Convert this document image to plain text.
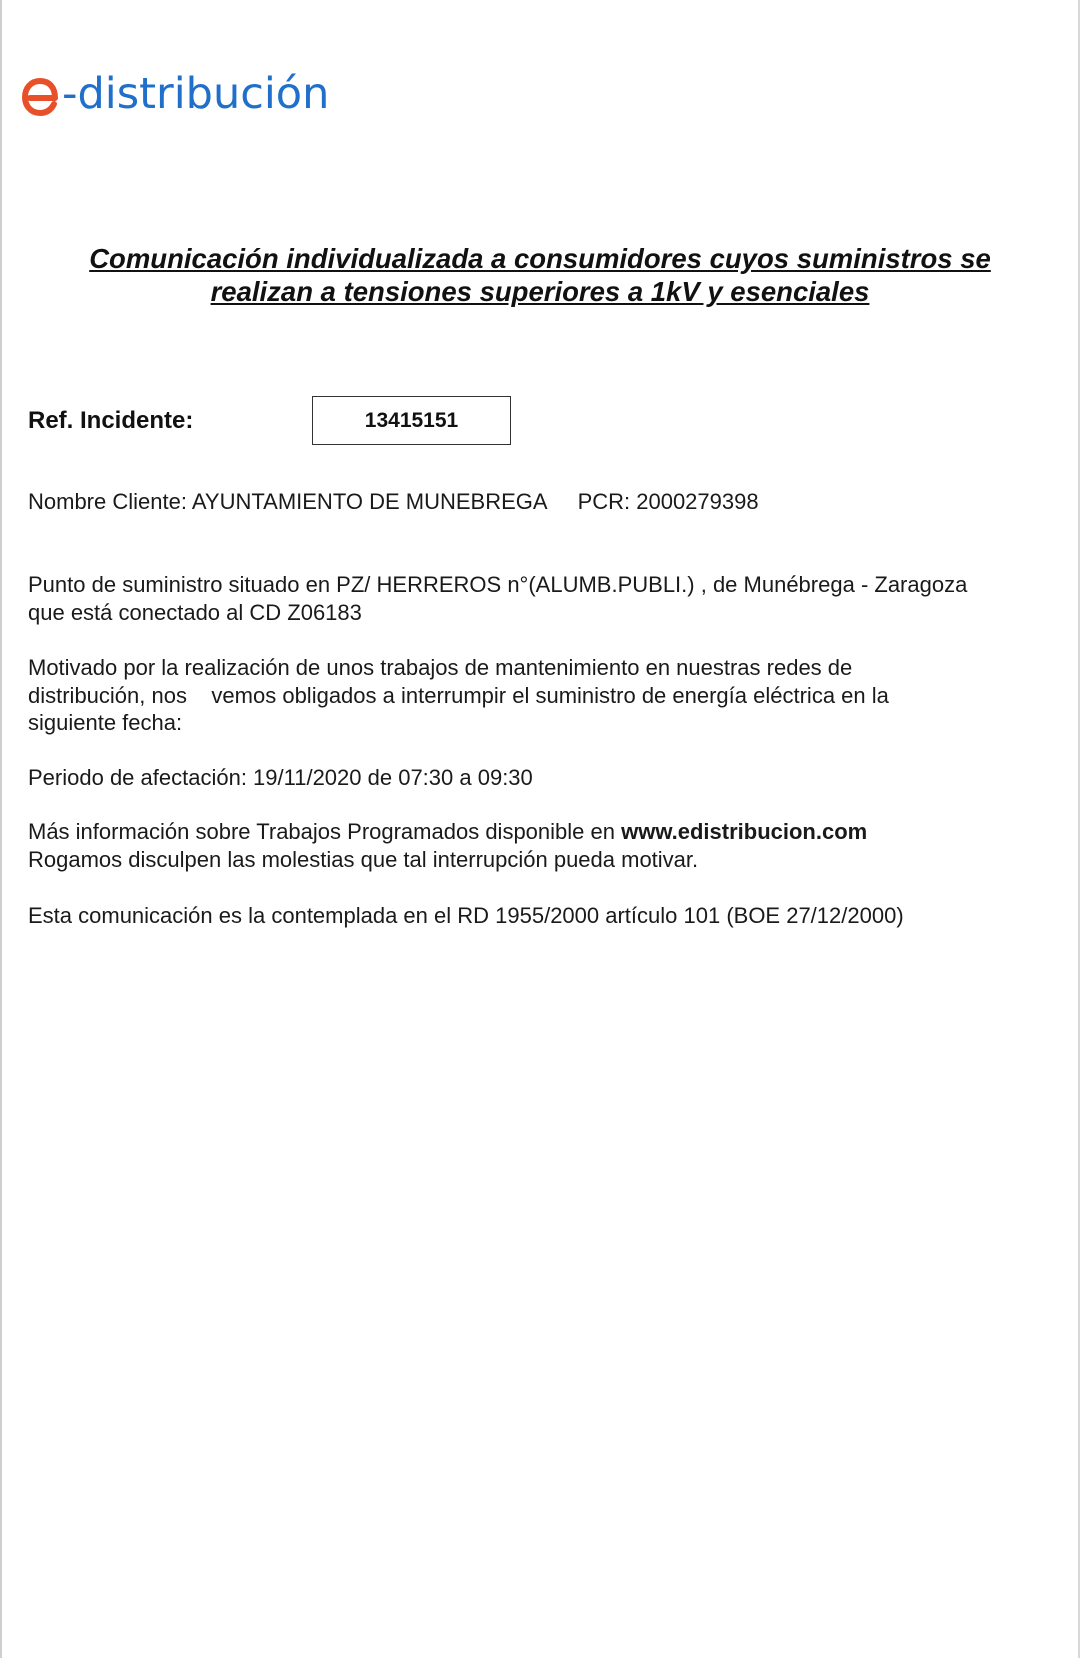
-distribución
Comunicación individualizada a consumidores cuyos suministros se
realizan a tensiones superiores a 1kV y esenciales
Ref. Incidente:	13415151

Nombre Cliente: AYUNTAMIENTO DE MUNEBREGA PCR: 2000279398

Punto de suministro situado en PZ/ HERREROS n°(ALUMB.PUBLI.) , de Munébrega - Zaragoza
que está conectado al CD Z06183

Motivado por la realización de unos trabajos de mantenimiento en nuestras redes de
distribución, nos    vemos obligados a interrumpir el suministro de energía eléctrica en la
siguiente fecha:

Periodo de afectación: 19/11/2020 de 07:30 a 09:30

Más información sobre Trabajos Programados disponible en www.edistribucion.com
Rogamos disculpen las molestias que tal interrupción pueda motivar.

Esta comunicación es la contemplada en el RD 1955/2000 artículo 101 (BOE 27/12/2000)
